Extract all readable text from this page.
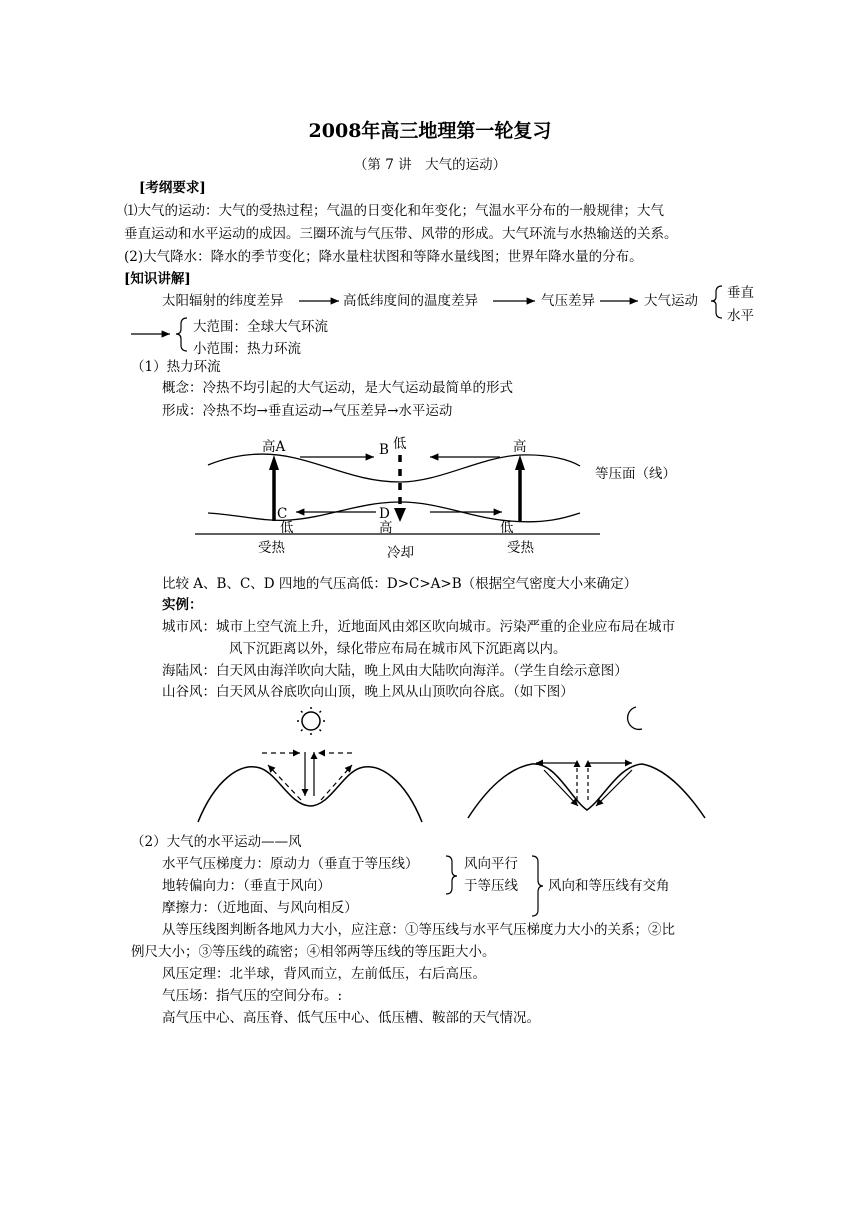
2008年高三地理第一轮复习
（第 7 讲　大气的运动）
[考纲要求]
⑴大气的运动：大气的受热过程；气温的日变化和年变化；气温水平分布的一般规律；大气
垂直运动和水平运动的成因。三圈环流与气压带、风带的形成。大气环流与水热输送的关系。
(2)大气降水：降水的季节变化；降水量柱状图和等降水量线图；世界年降水量的分布。
[知识讲解]
太阳辐射的纬度差异	高低纬度间的温度差异	气压差异	大气运动 垂直
水平
大范围：全球大气环流
小范围：热力环流
（1）热力环流
概念：冷热不均引起的大气运动，是大气运动最简单的形式
形成：冷热不均→垂直运动→气压差异→水平运动
高A	B 低	高
等压面（线）
C	D
低	高	低
受热	冷却	受热
比较 A、B、C、D 四地的气压高低：D>C>A>B（根据空气密度大小来确定）
实例：
城市风：城市上空气流上升，近地面风由郊区吹向城市。污染严重的企业应布局在城市
风下沉距离以外，绿化带应布局在城市风下沉距离以内。
海陆风：白天风由海洋吹向大陆，晚上风由大陆吹向海洋。（学生自绘示意图）
山谷风：白天风从谷底吹向山顶，晚上风从山顶吹向谷底。（如下图）
（2）大气的水平运动——风
水平气压梯度力：原动力（垂直于等压线）
地转偏向力：（垂直于风向）
摩擦力：（近地面、与风向相反）
风向平行
于等压线 风向和等压线有交角
从等压线图判断各地风力大小，应注意：①等压线与水平气压梯度力大小的关系；②比
例尺大小；③等压线的疏密；④相邻两等压线的等压距大小。
风压定理：北半球，背风而立，左前低压，右后高压。
气压场：指气压的空间分布。:
高气压中心、高压脊、低气压中心、低压槽、鞍部的天气情况。
